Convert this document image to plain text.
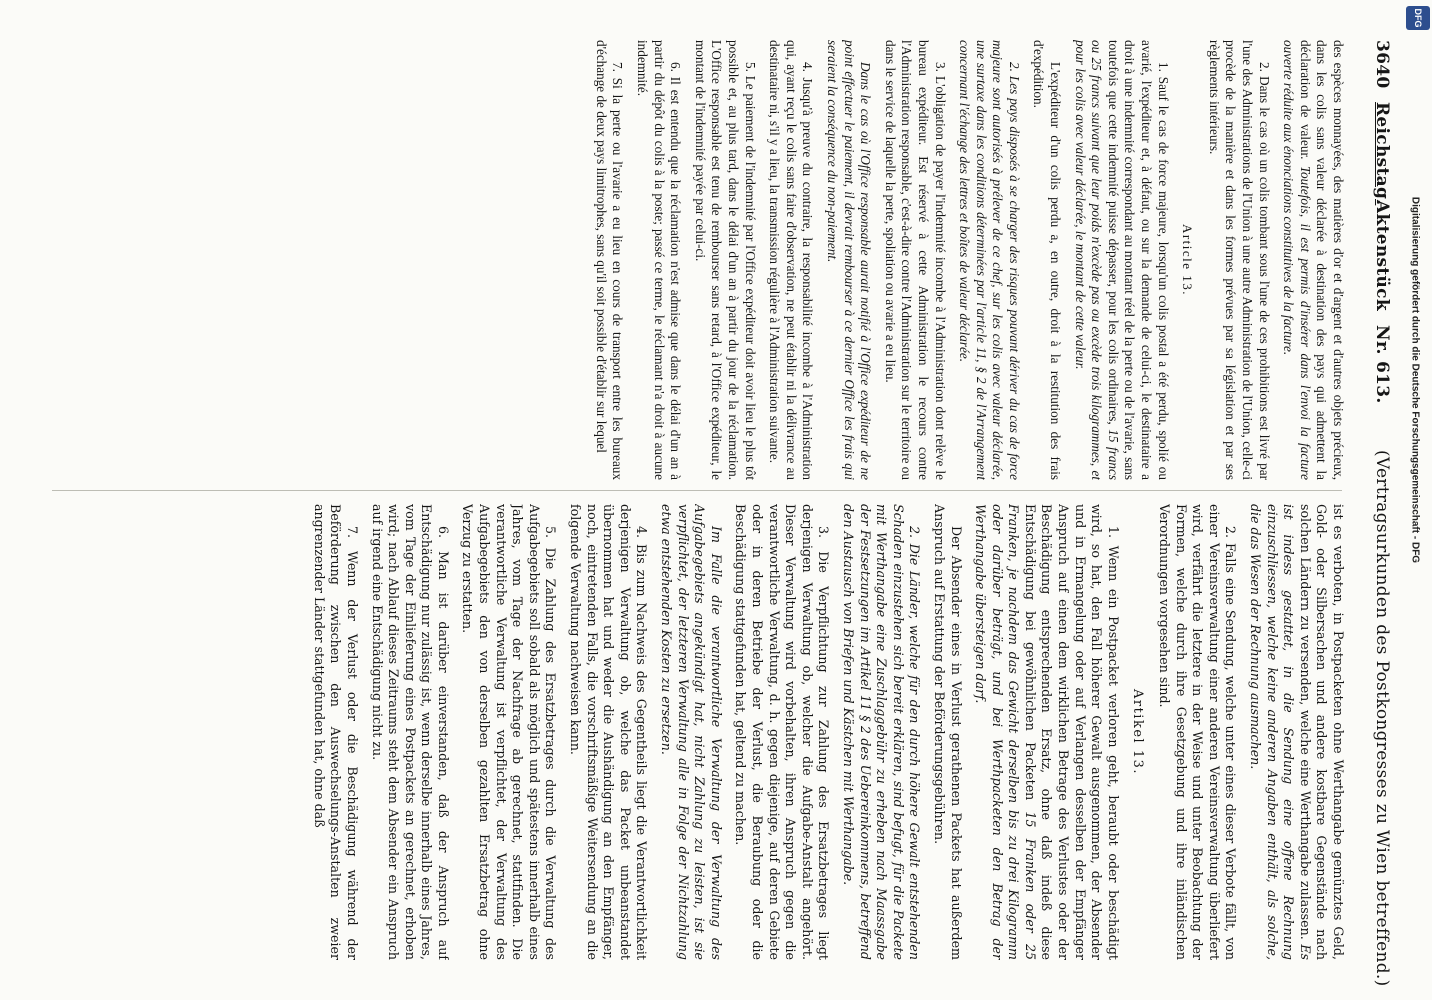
3640
Reichstag.
Aktenstück
Nr. 613.
(Vertragsurkunden des Postkongresses zu Wien betreffend.)

des espèces monnayées, des matières d'or et d'argent et d'autres objets précieux, dans les colis sans valeur déclarée à destination des pays qui admettent la déclaration de valeur. Toutefois, il est permis d'insérer dans l'envoi la facture ouverte réduite aux énonciations constitutives de la facture.

2. Dans le cas où un colis tombant sous l'une de ces prohibitions est livré par l'une des Administrations de l'Union à une autre Administration de l'Union, celle-ci procède de la manière et dans les formes prévues par sa législation et par ses règlements intérieurs.

Article 13.

1. Sauf le cas de force majeure, lorsqu'un colis postal a été perdu, spolié ou avarié, l'expéditeur et, à défaut, ou sur la demande de celui-ci, le destinataire a droit à une indemnité correspondant au montant réel de la perte ou de l'avarie, sans toutefois que cette indemnité puisse dépasser, pour les colis ordinaires, 15 francs ou 25 francs suivant que leur poids n'excède pas ou excède trois kilogrammes, et pour les colis avec valeur déclarée, le montant de cette valeur.

L'expéditeur d'un colis perdu a, en outre, droit à la restitution des frais d'expédition.

2. Les pays disposés à se charger des risques pouvant dériver du cas de force majeure sont autorisés à prélever de ce chef, sur les colis avec valeur déclarée, une surtaxe dans les conditions déterminées par l'article 11, § 2 de l'Arrangement concernant l'échange des lettres et boîtes de valeur déclarée.

3. L'obligation de payer l'indemnité incombe à l'Administration dont relève le bureau expéditeur. Est réservé à cette Administration le recours contre l'Administration responsable, c'est-à-dire contre l'Administration sur le territoire ou dans le service de laquelle la perte, spoliation ou avarie a eu lieu.

Dans le cas où l'Office responsable aurait notifié à l'Office expéditeur de ne point effectuer le paiement, il devrait rembourser à ce dernier Office les frais qui seraient la conséquence du non-paiement.

4. Jusqu'à preuve du contraire, la responsabilité incombe à l'Administration qui, ayant reçu le colis sans faire d'observation, ne peut établir ni la délivrance au destinataire ni, s'il y a lieu, la transmission régulière à l'Administration suivante.

5. Le paiement de l'indemnité par l'Office expéditeur doit avoir lieu le plus tôt possible et, au plus tard, dans le délai d'un an à partir du jour de la réclamation. L'Office responsable est tenu de rembourser sans retard, à l'Office expéditeur, le montant de l'indemnité payée par celui-ci.

6. Il est entendu que la réclamation n'est admise que dans le délai d'un an à partir du dépôt du colis à la poste; passé ce terme, le réclamant n'a droit à aucune indemnité.

7. Si la perte ou l'avarie a eu lieu en cours de transport entre les bureaux d'échange de deux pays limitrophes, sans qu'il soit possible d'établir sur lequel

ist es verboten, in Postpacketen ohne Werthangabe gemünztes Geld, Gold- oder Silbersachen und andere kostbare Gegenstände nach solchen Ländern zu versenden, welche eine Werthangabe zulassen. Es ist indess gestattet, in die Sendung eine offene Rechnung einzuschliessen, welche keine anderen Angaben enthält, als solche, die das Wesen der Rechnung ausmachen.

2. Falls eine Sendung, welche unter eines dieser Verbote fällt, von einer Vereinsverwaltung einer anderen Vereinsverwaltung überliefert wird, verfährt die letztere in der Weise und unter Beobachtung der Formen, welche durch ihre Gesetzgebung und ihre inländischen Verordnungen vorgesehen sind.

Artikel 13.

1. Wenn ein Postpacket verloren geht, beraubt oder beschädigt wird, so hat, den Fall höherer Gewalt ausgenommen, der Absender und in Ermangelung oder auf Verlangen desselben der Empfänger Anspruch auf einen dem wirklichen Betrage des Verlustes oder der Beschädigung entsprechenden Ersatz, ohne daß indeß diese Entschädigung bei gewöhnlichen Packeten 15 Franken oder 25 Franken, je nachdem das Gewicht derselben bis zu drei Kilogramm oder darüber beträgt, und bei Werthpacketen den Betrag der Werthangabe übersteigen darf.

Der Absender eines in Verlust gerathenen Packets hat außerdem Anspruch auf Erstattung der Beförderungsgebühren.

2. Die Länder, welche für den durch höhere Gewalt entstehenden Schaden einzustehen sich bereit erklären, sind befugt, für die Packete mit Werthangabe eine Zuschlaggebühr zu erheben nach Maassgabe der Festsetzungen im Artikel 11 § 2 des Uebereinkommens, betreffend den Austausch von Briefen und Kästchen mit Werthangabe.

3. Die Verpflichtung zur Zahlung des Ersatzbetrages liegt derjenigen Verwaltung ob, welcher die Aufgabe-Anstalt angehört. Dieser Verwaltung wird vorbehalten, ihren Anspruch gegen die verantwortliche Verwaltung, d. h. gegen diejenige, auf deren Gebiete oder in deren Betriebe der Verlust, die Beraubung oder die Beschädigung stattgefunden hat, geltend zu machen.

Im Falle die verantwortliche Verwaltung der Verwaltung des Aufgabegebiets angekündigt hat, nicht Zahlung zu leisten, ist sie verpflichtet, der letzteren Verwaltung alle in Folge der Nichtzahlung etwa entstehenden Kosten zu ersetzen.

4. Bis zum Nachweis des Gegentheils liegt die Verantwortlichkeit derjenigen Verwaltung ob, welche das Packet unbeanstandet übernommen hat und weder die Aushändigung an den Empfänger, noch, eintretenden Falls, die vorschriftsmäßige Weitersendung an die folgende Verwaltung nachweisen kann.

5. Die Zahlung des Ersatzbetrages durch die Verwaltung des Aufgabegebiets soll sobald als möglich und spätestens innerhalb eines Jahres, vom Tage der Nachfrage ab gerechnet, stattfinden. Die verantwortliche Verwaltung ist verpflichtet, der Verwaltung des Aufgabegebiets den von derselben gezahlten Ersatzbetrag ohne Verzug zu erstatten.

6. Man ist darüber einverstanden, daß der Anspruch auf Entschädigung nur zulässig ist, wenn derselbe innerhalb eines Jahres, vom Tage der Einlieferung eines Postpackets an gerechnet, erhoben wird; nach Ablauf dieses Zeitraums steht dem Absender ein Anspruch auf irgend eine Entschädigung nicht zu.

7. Wenn der Verlust oder die Beschädigung während der Beförderung zwischen den Auswechselungs-Anstalten zweier angrenzender Länder stattgefunden hat, ohne daß

DFG
Digitalisierung gefördert durch die Deutsche Forschungsgemeinschaft - DFG
